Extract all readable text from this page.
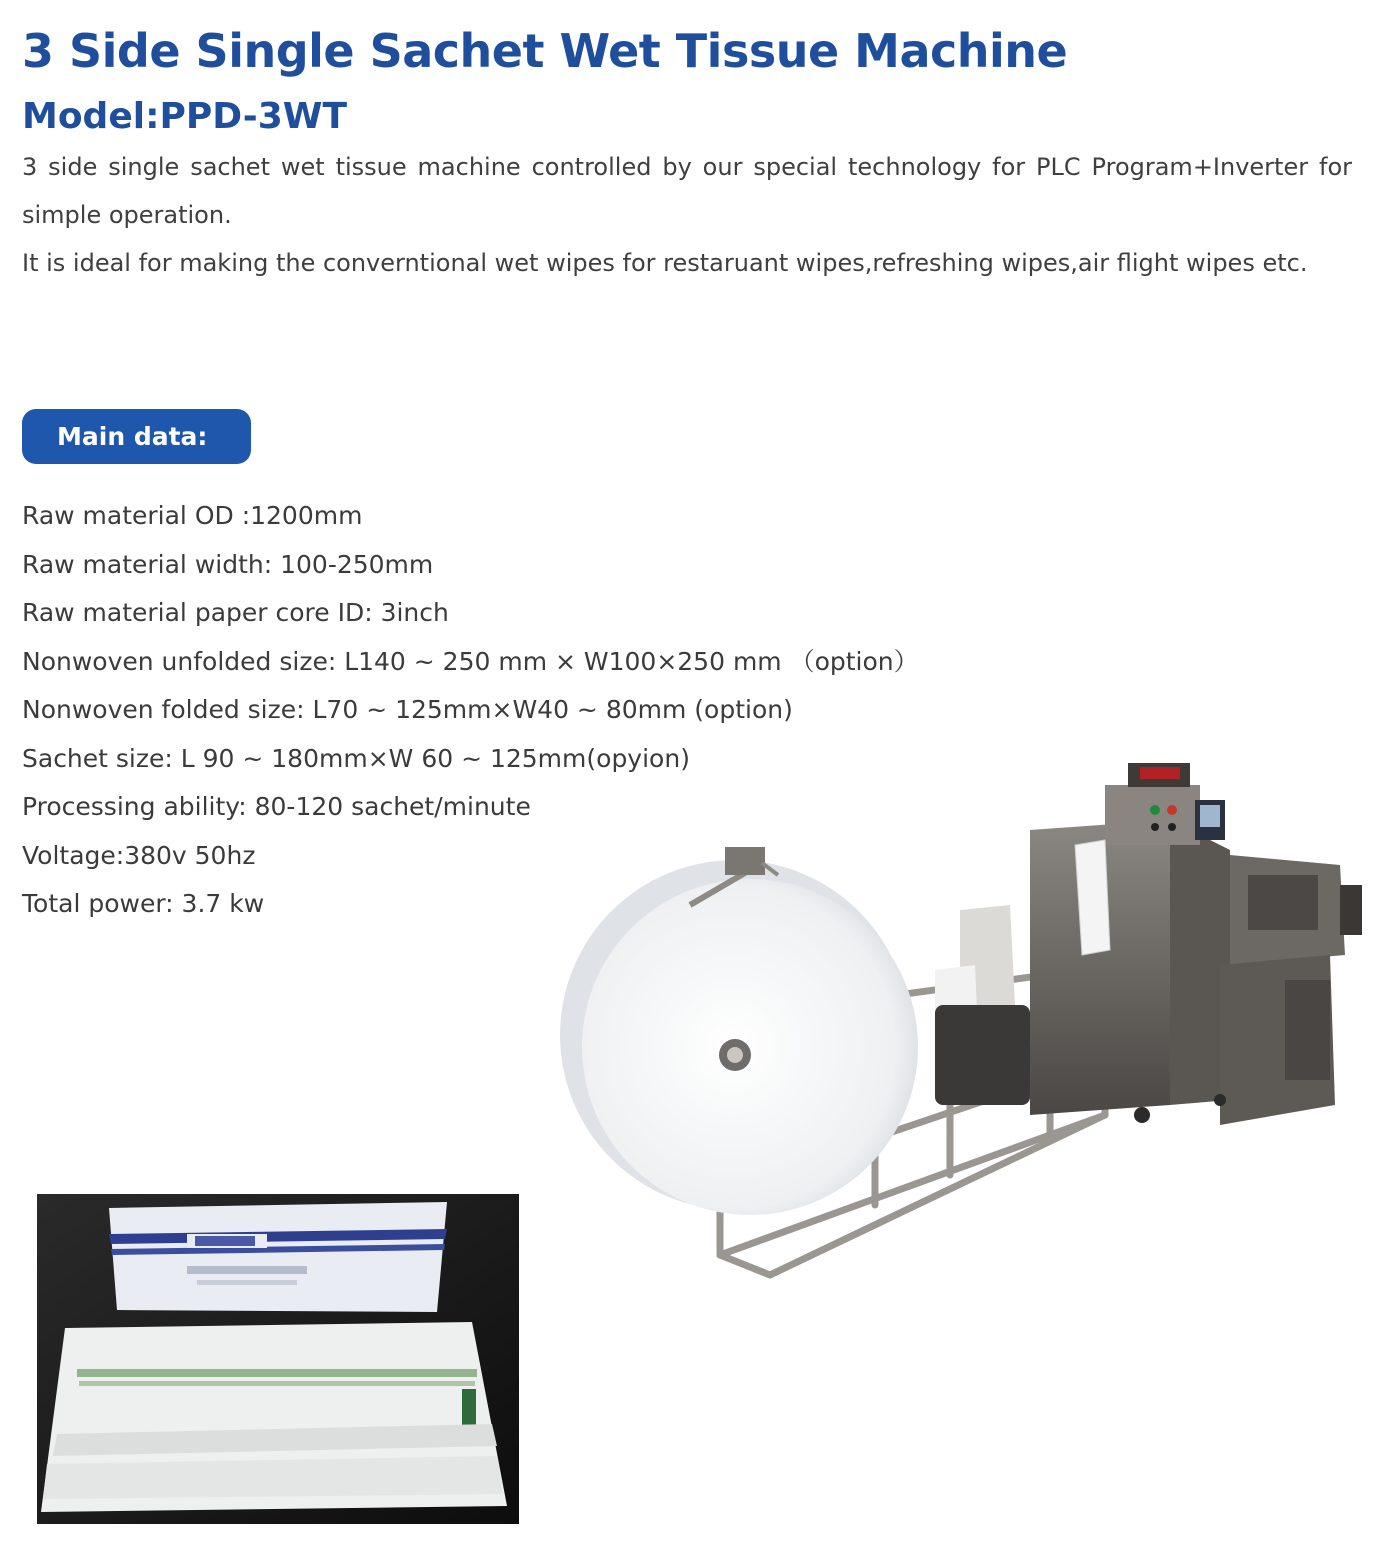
3 Side Single Sachet Wet Tissue Machine
Model:PPD-3WT

3 side single sachet wet tissue machine controlled by our special technology for PLC Program+Inverter for simple operation.

It is ideal for making the converntional wet wipes for restaruant wipes,refreshing wipes,air flight wipes etc.

Main data:
Raw material OD :1200mm
Raw material width: 100-250mm
Raw material paper core ID: 3inch
Nonwoven unfolded size: L140 ~ 250 mm × W100×250 mm （option）
Nonwoven folded size: L70 ~ 125mm×W40 ~ 80mm (option)
Sachet size: L 90 ~ 180mm×W 60 ~ 125mm(opyion)
Processing ability: 80-120 sachet/minute
Voltage:380v 50hz
Total power: 3.7 kw
